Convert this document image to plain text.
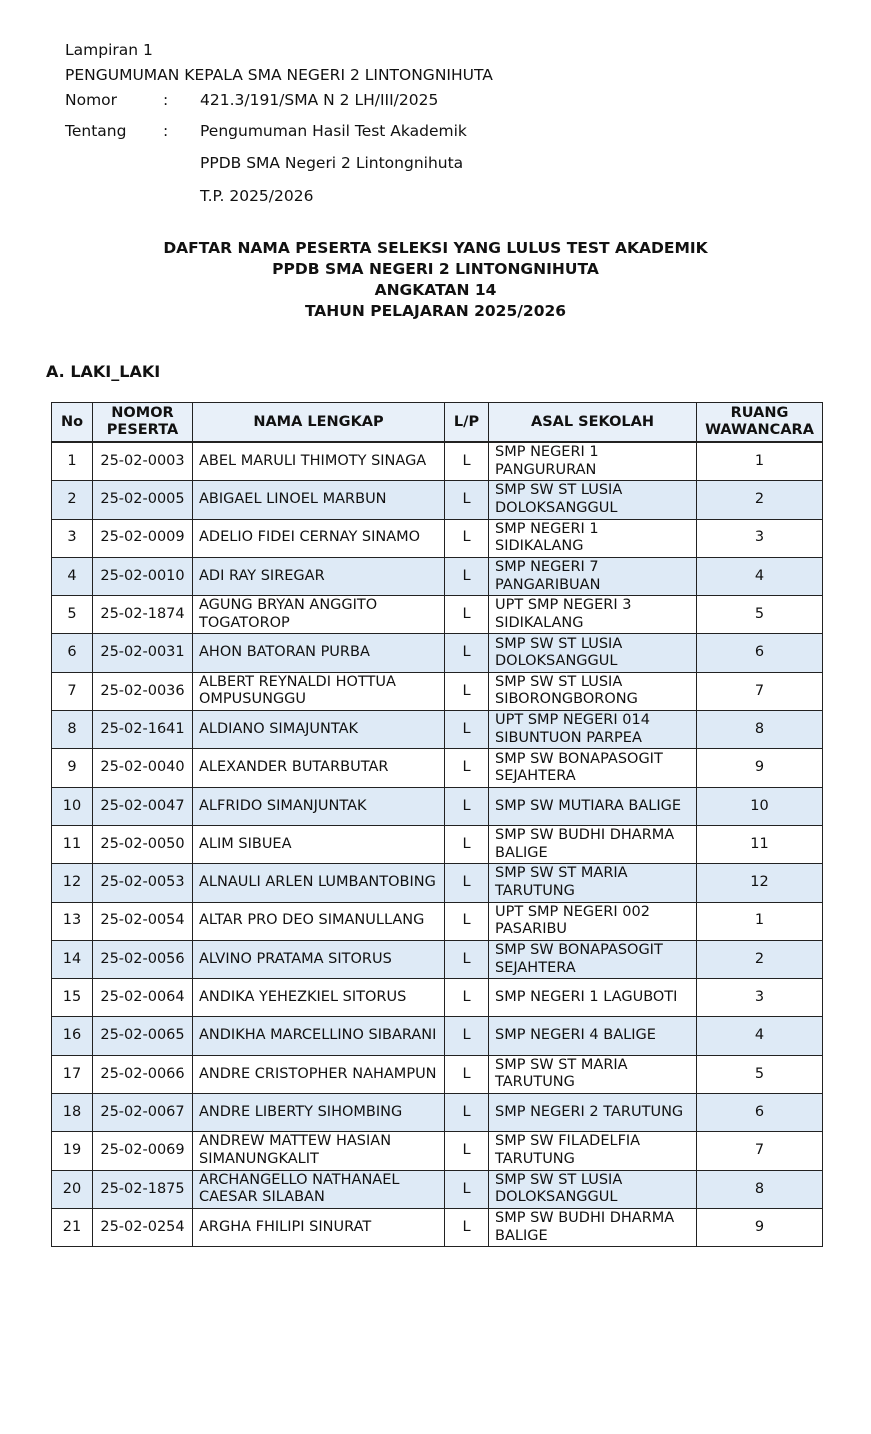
Lampiran 1
PENGUMUMAN KEPALA SMA NEGERI 2 LINTONGNIHUTA
Nomor	: 421.3/191/SMA N 2 LH/III/2025
Tentang : Pengumuman Hasil Test Akademik
PPDB SMA Negeri 2 Lintongnihuta
T.P. 2025/2026
DAFTAR NAMA PESERTA SELEKSI YANG LULUS TEST AKADEMIK
PPDB SMA NEGERI 2 LINTONGNIHUTA
ANGKATAN 14
TAHUN PELAJARAN 2025/2026
A. LAKI_LAKI
No	NOMOR PESERTA	NAMA LENGKAP	L/P	ASAL SEKOLAH	RUANG WAWANCARA
1	25-02-0003	ABEL MARULI THIMOTY SINAGA	L	SMP NEGERI 1 PANGURURAN	1
2	25-02-0005	ABIGAEL LINOEL MARBUN	L	SMP SW ST LUSIA DOLOKSANGGUL	2
3	25-02-0009	ADELIO FIDEI CERNAY SINAMO	L	SMP NEGERI 1 SIDIKALANG	3
4	25-02-0010	ADI RAY SIREGAR	L	SMP NEGERI 7 PANGARIBUAN	4
5	25-02-1874	AGUNG BRYAN ANGGITO TOGATOROP	L	UPT SMP NEGERI 3 SIDIKALANG	5
6	25-02-0031	AHON BATORAN PURBA	L	SMP SW ST LUSIA DOLOKSANGGUL	6
7	25-02-0036	ALBERT REYNALDI HOTTUA OMPUSUNGGU	L	SMP SW ST LUSIA SIBORONGBORONG	7
8	25-02-1641	ALDIANO SIMAJUNTAK	L	UPT SMP NEGERI 014 SIBUNTUON PARPEA	8
9	25-02-0040	ALEXANDER BUTARBUTAR	L	SMP SW BONAPASOGIT SEJAHTERA	9
10	25-02-0047	ALFRIDO SIMANJUNTAK	L	SMP SW MUTIARA BALIGE	10
11	25-02-0050	ALIM SIBUEA	L	SMP SW BUDHI DHARMA BALIGE	11
12	25-02-0053	ALNAULI ARLEN LUMBANTOBING	L	SMP SW ST MARIA TARUTUNG	12
13	25-02-0054	ALTAR PRO DEO SIMANULLANG	L	UPT SMP NEGERI 002 PASARIBU	1
14	25-02-0056	ALVINO PRATAMA SITORUS	L	SMP SW BONAPASOGIT SEJAHTERA	2
15	25-02-0064	ANDIKA YEHEZKIEL SITORUS	L	SMP NEGERI 1 LAGUBOTI	3
16	25-02-0065	ANDIKHA MARCELLINO SIBARANI	L	SMP NEGERI 4 BALIGE	4
17	25-02-0066	ANDRE CRISTOPHER NAHAMPUN	L	SMP SW ST MARIA TARUTUNG	5
18	25-02-0067	ANDRE LIBERTY SIHOMBING	L	SMP NEGERI 2 TARUTUNG	6
19	25-02-0069	ANDREW MATTEW HASIAN SIMANUNGKALIT	L	SMP SW FILADELFIA TARUTUNG	7
20	25-02-1875	ARCHANGELLO NATHANAEL CAESAR SILABAN	L	SMP SW ST LUSIA DOLOKSANGGUL	8
21	25-02-0254	ARGHA FHILIPI SINURAT	L	SMP SW BUDHI DHARMA BALIGE	9
